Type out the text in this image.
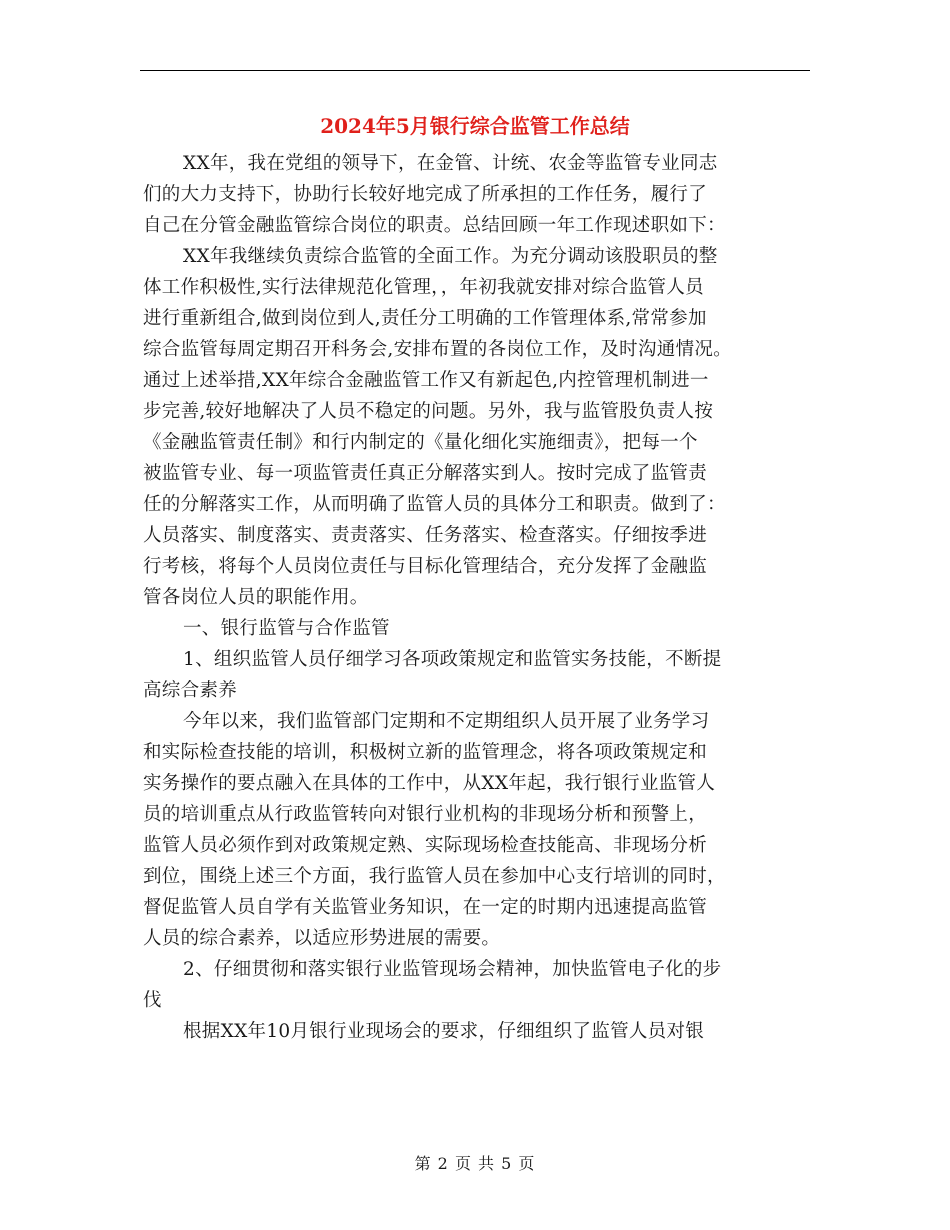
2024年5月银行综合监管工作总结
XX年，我在党组的领导下，在金管、计统、农金等监管专业同志
们的大力支持下，协助行长较好地完成了所承担的工作任务，履行了
自己在分管金融监管综合岗位的职责。总结回顾一年工作现述职如下：
XX年我继续负责综合监管的全面工作。为充分调动该股职员的整
体工作积极性,实行法律规范化管理，，年初我就安排对综合监管人员
进行重新组合,做到岗位到人,责任分工明确的工作管理体系,常常参加
综合监管每周定期召开科务会,安排布置的各岗位工作，及时沟通情况。
通过上述举措,XX年综合金融监管工作又有新起色,内控管理机制进一
步完善,较好地解决了人员不稳定的问题。另外，我与监管股负责人按
《金融监管责任制》和行内制定的《量化细化实施细责》，把每一个
被监管专业、每一项监管责任真正分解落实到人。按时完成了监管责
任的分解落实工作，从而明确了监管人员的具体分工和职责。做到了：
人员落实、制度落实、责责落实、任务落实、检查落实。仔细按季进
行考核，将每个人员岗位责任与目标化管理结合，充分发挥了金融监
管各岗位人员的职能作用。
一、银行监管与合作监管
1、组织监管人员仔细学习各项政策规定和监管实务技能，不断提
高综合素养
今年以来，我们监管部门定期和不定期组织人员开展了业务学习
和实际检查技能的培训，积极树立新的监管理念，将各项政策规定和
实务操作的要点融入在具体的工作中，从XX年起，我行银行业监管人
员的培训重点从行政监管转向对银行业机构的非现场分析和预警上，
监管人员必须作到对政策规定熟、实际现场检查技能高、非现场分析
到位，围绕上述三个方面，我行监管人员在参加中心支行培训的同时，
督促监管人员自学有关监管业务知识，在一定的时期内迅速提高监管
人员的综合素养，以适应形势进展的需要。
2、仔细贯彻和落实银行业监管现场会精神，加快监管电子化的步
伐
根据XX年10月银行业现场会的要求，仔细组织了监管人员对银
第 2 页 共 5 页
